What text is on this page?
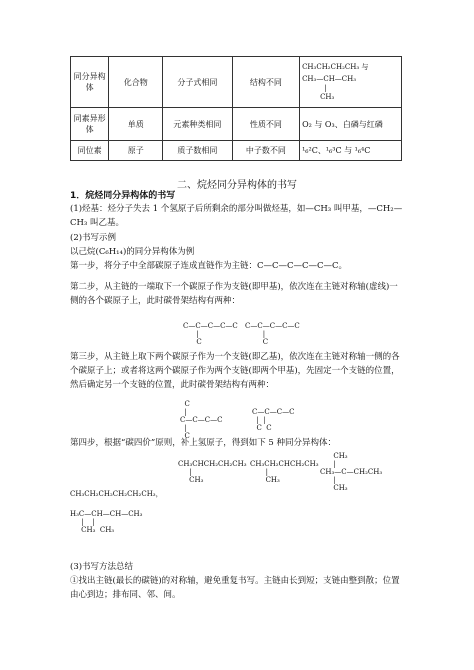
同分异构体	化合物	分子式相同	结构不同	CH₃CH₂CH₂CH₃ 与
CH₃—CH—CH₃
|
CH₃

同素异形体	单质	元素种类相同	性质不同	O₂ 与 O₃、白磷与红磷
同位素	原子	质子数相同	中子数不同	¹₆²C、¹₆³C 与 ¹₆⁴C
二、烷烃同分异构体的书写
1．烷烃同分异构体的书写
(1)烃基：烃分子失去 1 个氢原子后所剩余的部分叫做烃基，如—CH₃ 叫甲基，—CH₂—CH₃ 叫乙基。
(2)书写示例
以己烷(C₆H₁₄)的同分异构体为例
第一步，将分子中全部碳原子连成直链作为主链：C—C—C—C—C—C。
第二步，从主链的一端取下一个碳原子作为支链(即甲基)，依次连在主链对称轴(虚线)一侧的各个碳原子上，此时碳骨架结构有两种：
C—C—C—C—C
|
C
C—C—C—C—C
|
C
第三步，从主链上取下两个碳原子作为一个支链(即乙基)，依次连在主链对称轴一侧的各个碳原子上；或者将这两个碳原子作为两个支链(即两个甲基)，先固定一个支链的位置，然后确定另一个支链的位置，此时碳骨架结构有两种：
C
|
C—C—C—C
|
C
C—C—C—C
|  |
C  C
第四步，根据“碳四价”原则，补上氢原子，得到如下 5 种同分异构体：
CH₃CHCH₂CH₂CH₃
|
CH₃
CH₃CH₂CHCH₂CH₃
|
CH₃
CH₃
|
CH₃—C—CH₂CH₃
|
CH₃
CH₃CH₂CH₂CH₂CH₂CH₃，
H₃C—CH—CH—CH₃
|    |
CH₃  CH₃
(3)书写方法总结
①找出主链(最长的碳链)的对称轴，避免重复书写。主链由长到短；支链由整到散；位置由心到边；排布同、邻、间。
